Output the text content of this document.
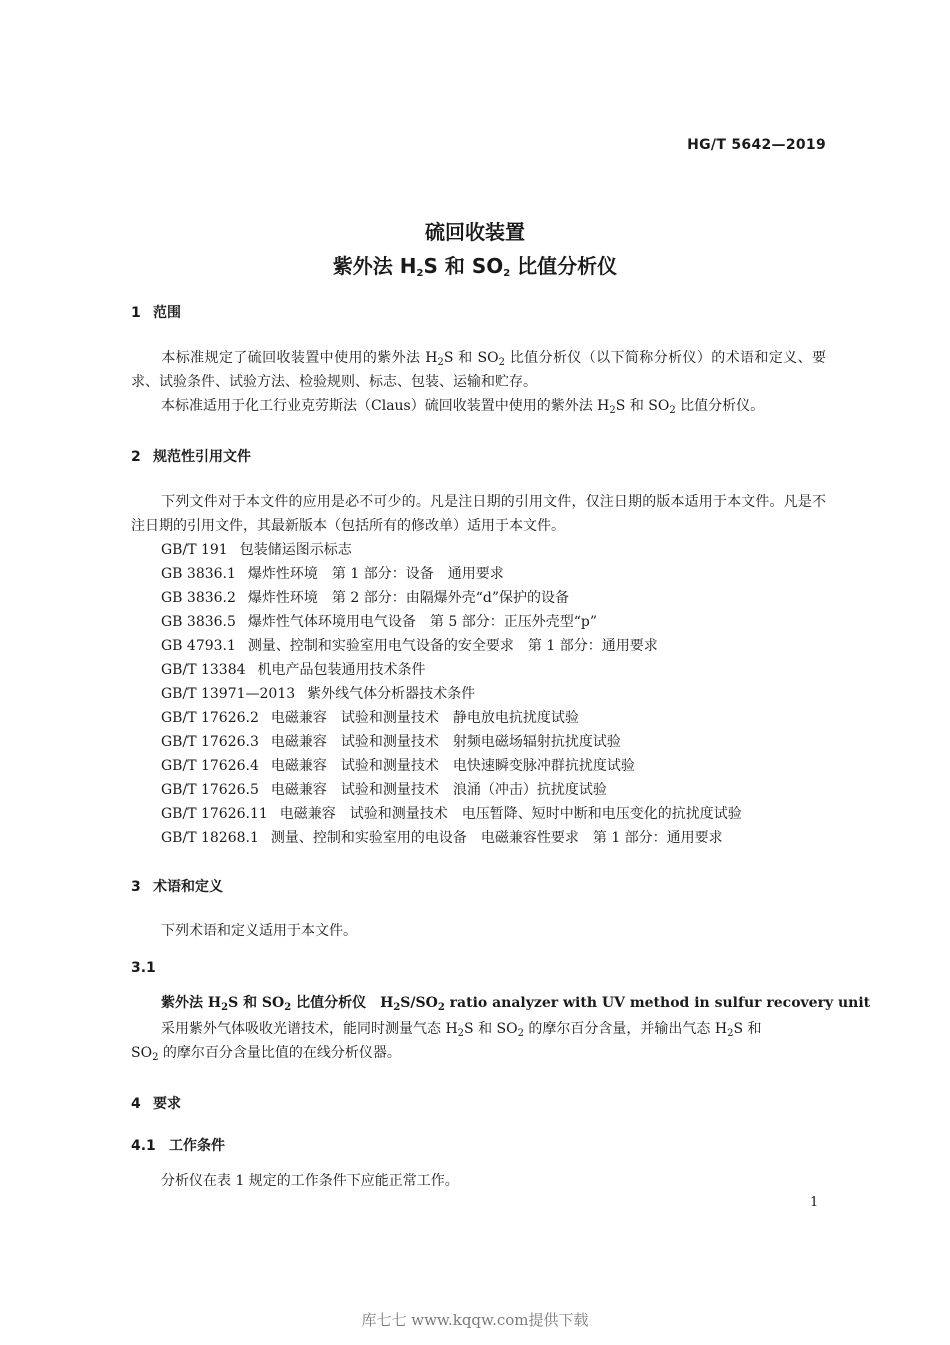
HG/T 5642—2019
硫回收装置
紫外法 $H_2S$ 和 $SO_2$ 比值分析仪
1 范围
本标准规定了硫回收装置中使用的紫外法 $H_2S$ 和 $SO_2$ 比值分析仪（以下简称分析仪）的术语和定义、要求、试验条件、试验方法、检验规则、标志、包装、运输和贮存。
本标准适用于化工行业克劳斯法（Claus）硫回收装置中使用的紫外法 $H_2S$ 和 $SO_2$ 比值分析仪。
2 规范性引用文件
下列文件对于本文件的应用是必不可少的。凡是注日期的引用文件，仅注日期的版本适用于本文件。凡是不注日期的引用文件，其最新版本（包括所有的修改单）适用于本文件。
GB/T 191 包装储运图示标志
GB 3836.1 爆炸性环境　第 1 部分：设备　通用要求
GB 3836.2 爆炸性环境　第 2 部分：由隔爆外壳“d”保护的设备
GB 3836.5 爆炸性气体环境用电气设备　第 5 部分：正压外壳型“p”
GB 4793.1 测量、控制和实验室用电气设备的安全要求　第 1 部分：通用要求
GB/T 13384 机电产品包装通用技术条件
GB/T 13971—2013 紫外线气体分析器技术条件
GB/T 17626.2 电磁兼容　试验和测量技术　静电放电抗扰度试验
GB/T 17626.3 电磁兼容　试验和测量技术　射频电磁场辐射抗扰度试验
GB/T 17626.4 电磁兼容　试验和测量技术　电快速瞬变脉冲群抗扰度试验
GB/T 17626.5 电磁兼容　试验和测量技术　浪涌（冲击）抗扰度试验
GB/T 17626.11 电磁兼容　试验和测量技术　电压暂降、短时中断和电压变化的抗扰度试验
GB/T 18268.1 测量、控制和实验室用的电设备　电磁兼容性要求　第 1 部分：通用要求
3 术语和定义
下列术语和定义适用于本文件。
3.1
紫外法 $H_2S$ 和 $SO_2$ 比值分析仪 $H_2S/SO_2$ ratio analyzer with UV method in sulfur recovery unit
采用紫外气体吸收光谱技术，能同时测量气态 $H_2S$ 和 $SO_2$ 的摩尔百分含量，并输出气态 $H_2S$ 和
$SO_2$ 的摩尔百分含量比值的在线分析仪器。
4 要求
4.1 工作条件
分析仪在表 1 规定的工作条件下应能正常工作。
1
库七七 www.kqqw.com提供下载
